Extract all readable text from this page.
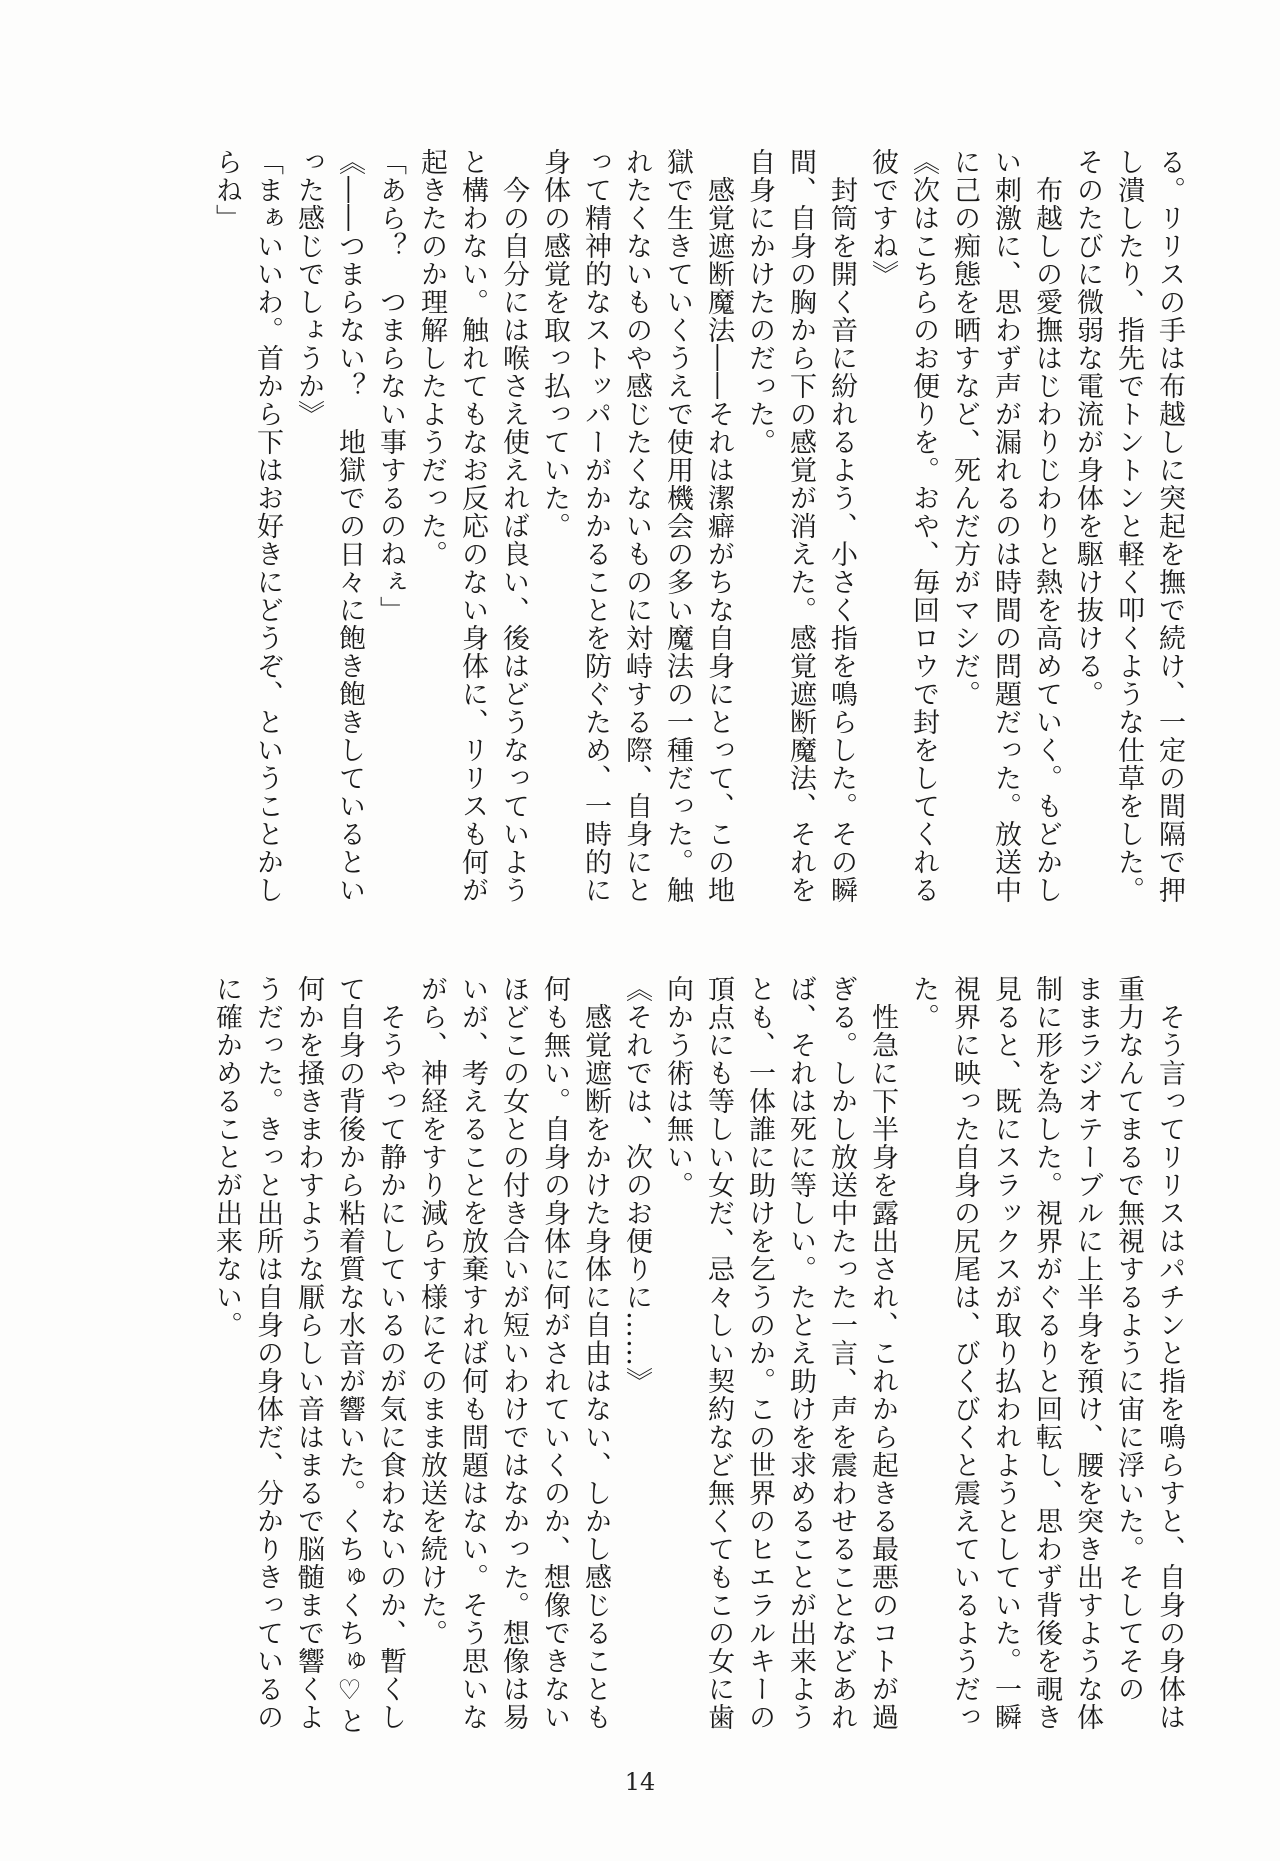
る。リリスの手は布越しに突起を撫で続け、一定の間隔で押

し潰したり、指先でトントンと軽く叩くような仕草をした。

そのたびに微弱な電流が身体を駆け抜ける。

　布越しの愛撫はじわりじわりと熱を高めていく。もどかし

い刺激に、思わず声が漏れるのは時間の問題だった。放送中

に己の痴態を晒すなど、死んだ方がマシだ。

《次はこちらのお便りを。おや、毎回ロウで封をしてくれる

彼ですね》

　封筒を開く音に紛れるよう、小さく指を鳴らした。その瞬

間、自身の胸から下の感覚が消えた。感覚遮断魔法、それを

自身にかけたのだった。

　感覚遮断魔法――それは潔癖がちな自身にとって、この地

獄で生きていくうえで使用機会の多い魔法の一種だった。触

れたくないものや感じたくないものに対峙する際、自身にと

って精神的なストッパーがかかることを防ぐため、一時的に

身体の感覚を取っ払っていた。

　今の自分には喉さえ使えれば良い、後はどうなっていよう

と構わない。触れてもなお反応のない身体に、リリスも何が

起きたのか理解したようだった。

「あら？　つまらない事するのねぇ」

《――つまらない？　地獄での日々に飽き飽きしているとい

った感じでしょうか》

「まぁいいわ。首から下はお好きにどうぞ、ということかし

らね」

　そう言ってリリスはパチンと指を鳴らすと、自身の身体は

重力なんてまるで無視するように宙に浮いた。そしてその

ままラジオテーブルに上半身を預け、腰を突き出すような体

制に形を為した。視界がぐるりと回転し、思わず背後を覗き

見ると、既にスラックスが取り払われようとしていた。一瞬

視界に映った自身の尻尾は、びくびくと震えているようだっ

た。

　性急に下半身を露出され、これから起きる最悪のコトが過

ぎる。しかし放送中たった一言、声を震わせることなどあれ

ば、それは死に等しい。たとえ助けを求めることが出来よう

とも、一体誰に助けを乞うのか。この世界のヒエラルキーの

頂点にも等しい女だ、忌々しい契約など無くてもこの女に歯

向かう術は無い。

《それでは、次のお便りに……》

　感覚遮断をかけた身体に自由はない、しかし感じることも

何も無い。自身の身体に何がされていくのか、想像できない

ほどこの女との付き合いが短いわけではなかった。想像は易

いが、考えることを放棄すれば何も問題はない。そう思いな

がら、神経をすり減らす様にそのまま放送を続けた。

　そうやって静かにしているのが気に食わないのか、暫くし

て自身の背後から粘着質な水音が響いた。くちゅくちゅ♡と

何かを掻きまわすような厭らしい音はまるで脳髄まで響くよ

うだった。きっと出所は自身の身体だ、分かりきっているの

に確かめることが出来ない。

14
